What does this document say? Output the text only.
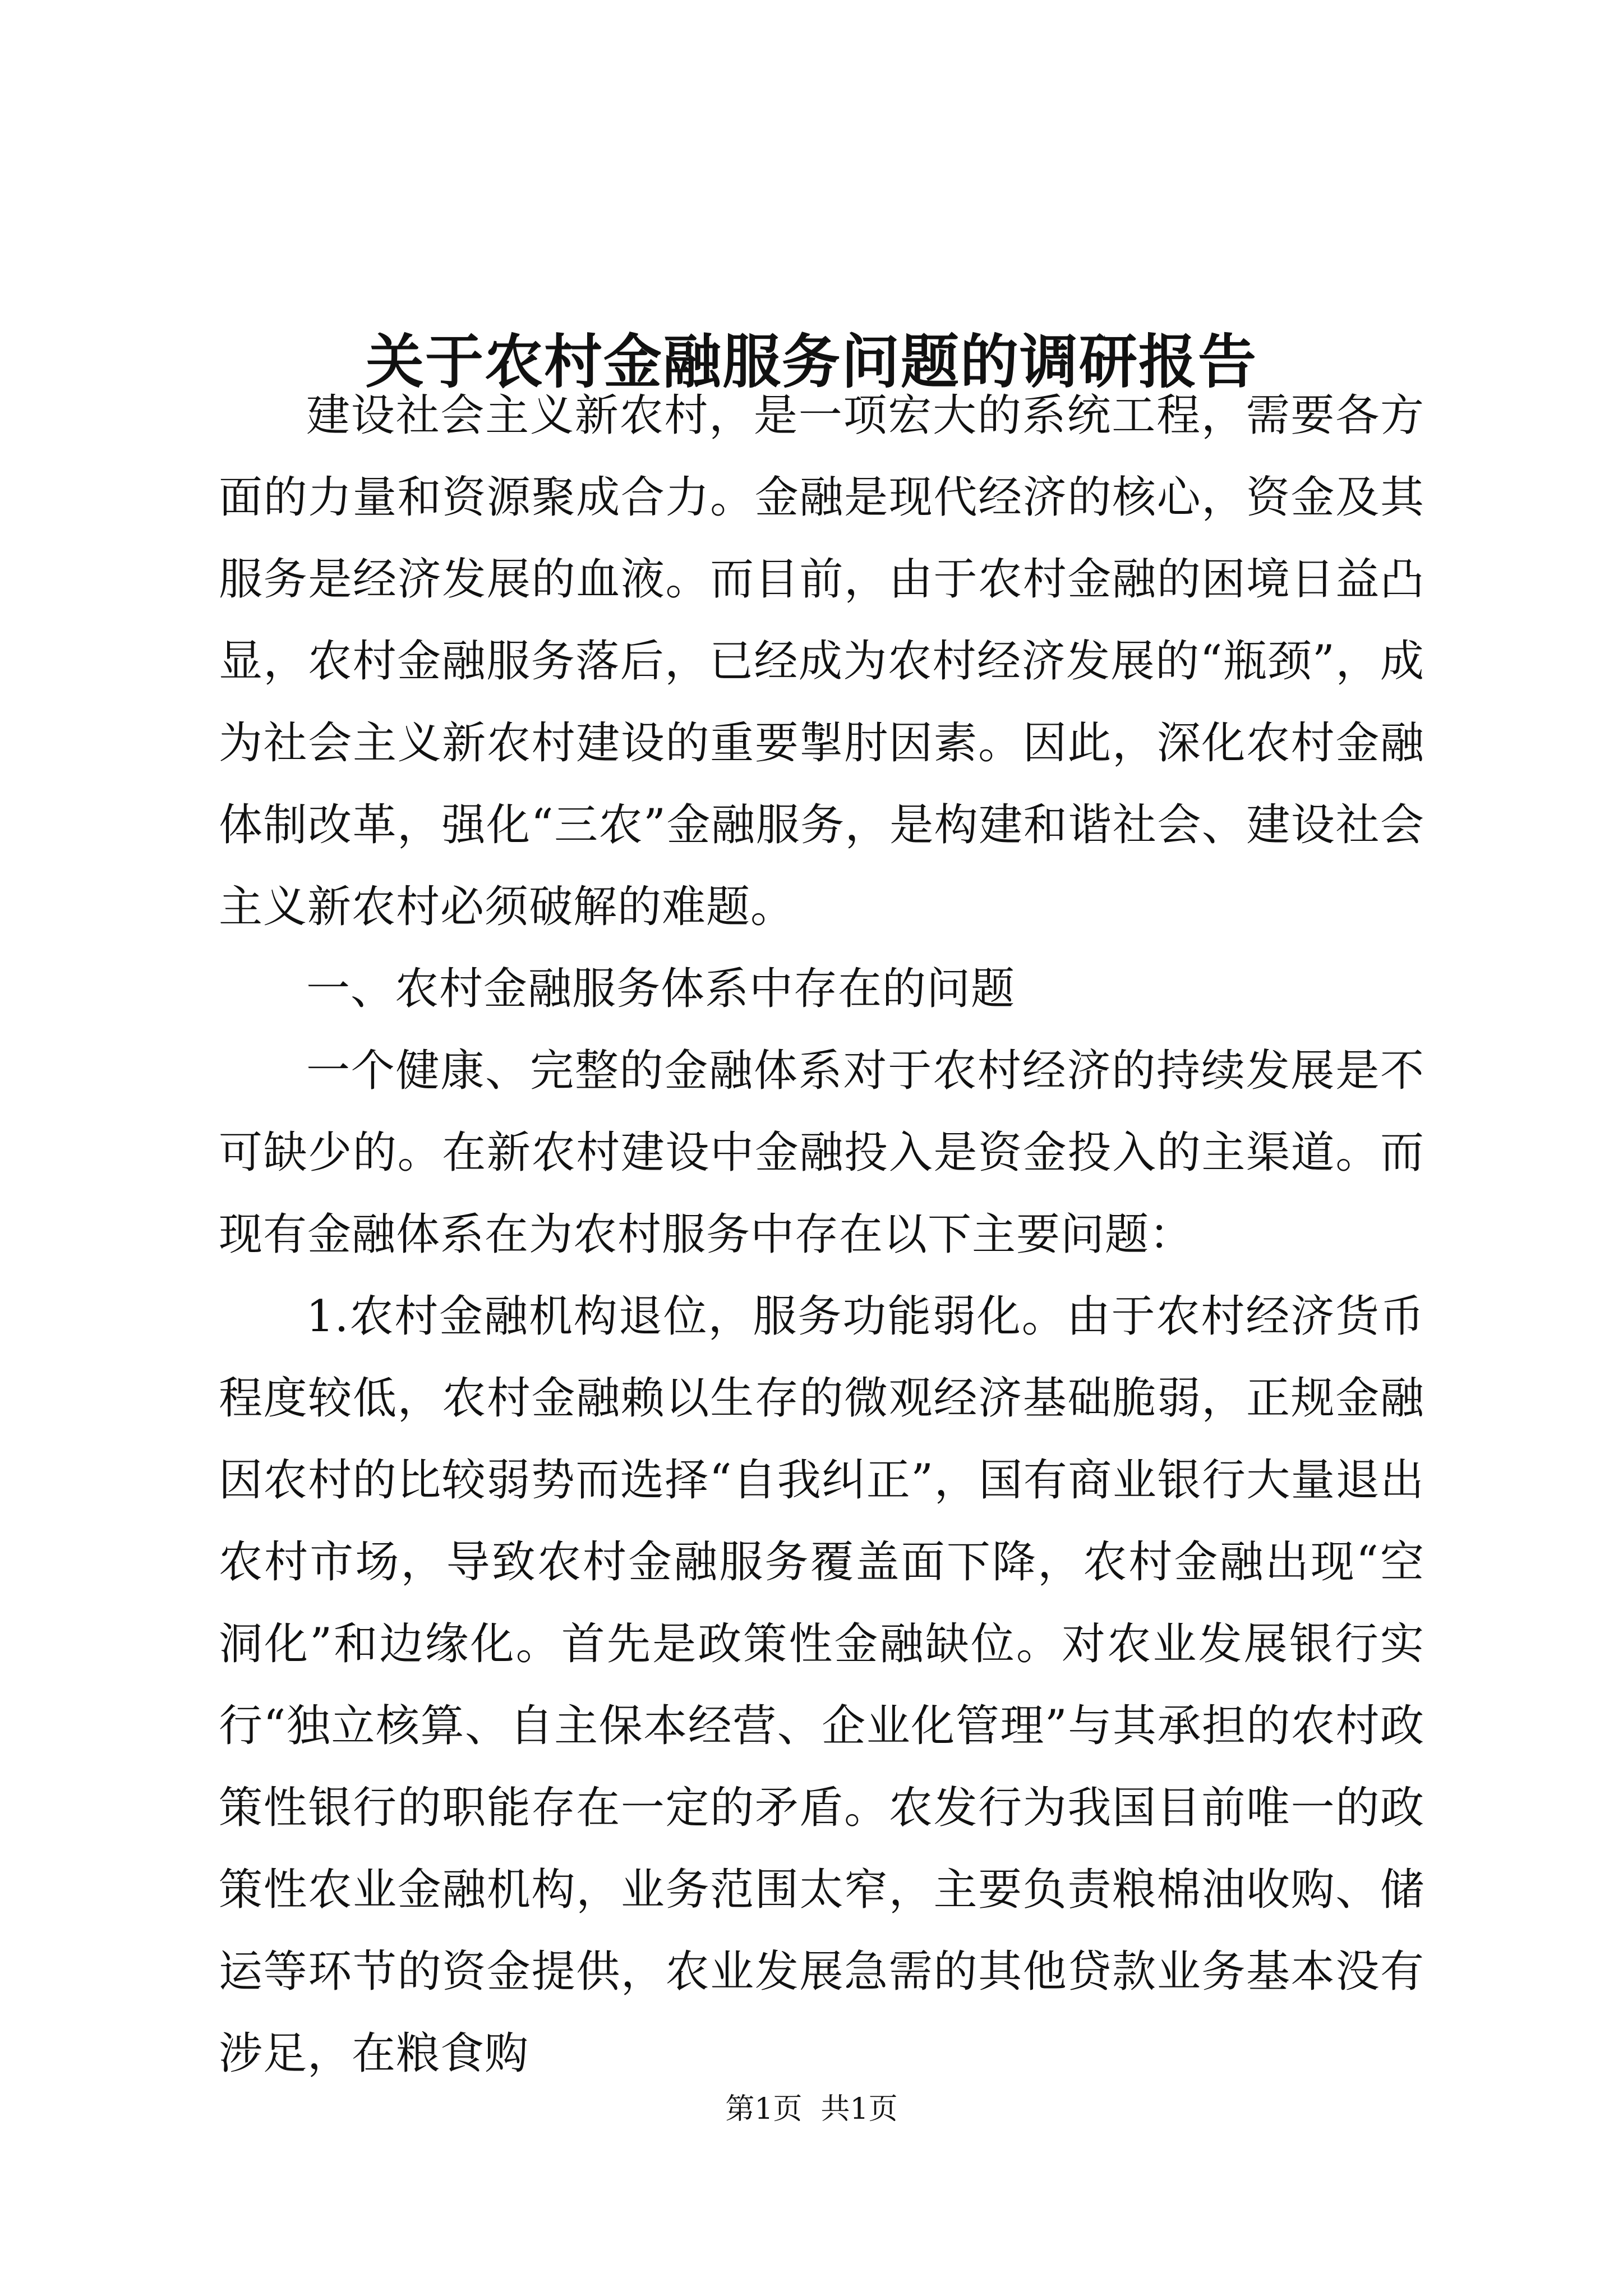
关于农村金融服务问题的调研报告

建设社会主义新农村，是一项宏大的系统工程，需要各方面的力量和资源聚成合力。金融是现代经济的核心，资金及其服务是经济发展的血液。而目前，由于农村金融的困境日益凸显，农村金融服务落后，已经成为农村经济发展的“瓶颈”，成为社会主义新农村建设的重要掣肘因素。因此，深化农村金融体制改革，强化“三农”金融服务，是构建和谐社会、建设社会主义新农村必须破解的难题。

一、农村金融服务体系中存在的问题

一个健康、完整的金融体系对于农村经济的持续发展是不可缺少的。在新农村建设中金融投入是资金投入的主渠道。而现有金融体系在为农村服务中存在以下主要问题：

1.农村金融机构退位，服务功能弱化。由于农村经济货币程度较低，农村金融赖以生存的微观经济基础脆弱，正规金融因农村的比较弱势而选择“自我纠正”，国有商业银行大量退出农村市场，导致农村金融服务覆盖面下降，农村金融出现“空洞化”和边缘化。首先是政策性金融缺位。对农业发展银行实行“独立核算、自主保本经营、企业化管理”与其承担的农村政策性银行的职能存在一定的矛盾。农发行为我国目前唯一的政策性农业金融机构，业务范围太窄，主要负责粮棉油收购、储运等环节的资金提供，农业发展急需的其他贷款业务基本没有涉足，在粮食购

第1页 共1页
